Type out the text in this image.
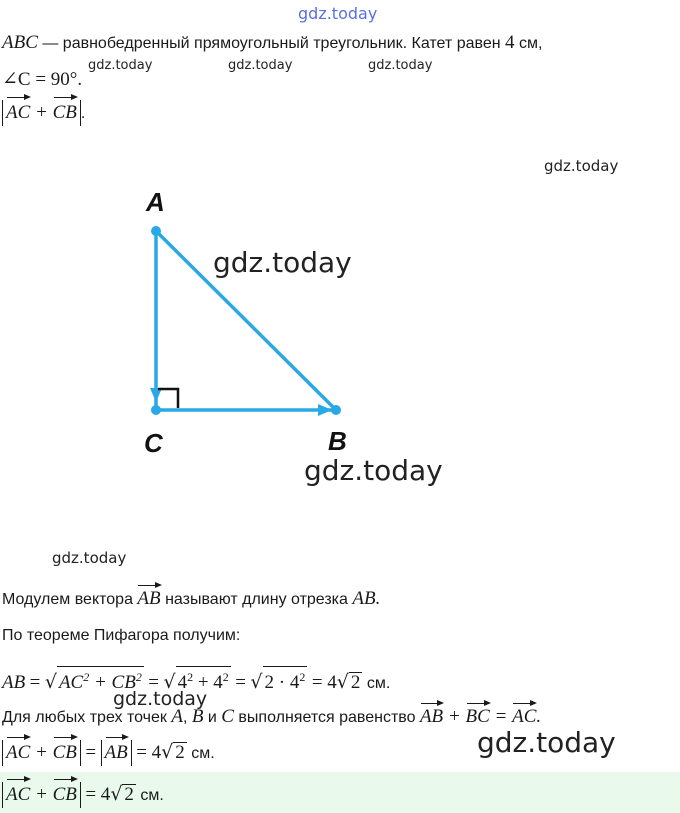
gdz.today
gdz.today	gdz.today	gdz.today
gdz.today
gdz.today
gdz.today
gdz.today
gdz.today
gdz.today
ABC — равнобедренный прямоугольный треугольник. Катет равен 4 см,
∠C = 90°.
AC + CB .
A
C	B
Модулем вектора AB называют длину отрезка AB.
По теореме Пифагора получим:
AB = √ $AC^2 + CB^2$ = √ $4^2 + 4^2$ = √ $2 \cdot 4^2 = 4√$ 2 см.
Для любых трех точек A, B и C выполняется равенство AB + BC = AC.
AC + CB = AB = 4√ 2 см.
AC + CB = 4√ 2 см.
